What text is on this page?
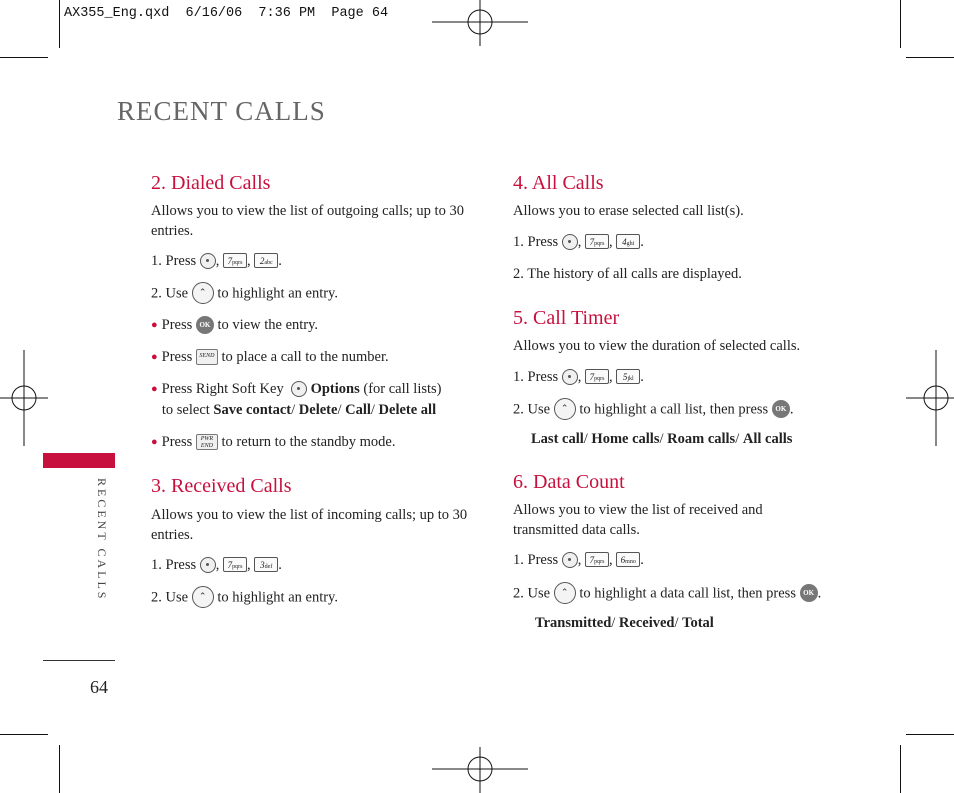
AX355_Eng.qxd  6/16/06  7:36 PM  Page 64
RECENT CALLS
RECENT CALLS
64
2. Dialed Calls
Allows you to view the list of outgoing calls; up to 30
entries.
1. Press , 7pqrs , 2abc .
2. Use ⌃ to highlight an entry.
● Press OK to view the entry.
● Press SEND to place a call to the number.
● Press Right Soft Key Options (for call lists)
to select Save contact/ Delete/ Call/ Delete all
● Press PWR
END to return to the standby mode.
3. Received Calls
Allows you to view the list of incoming calls; up to 30
entries.
1. Press , 7pqrs , 3def .
2. Use ⌃ to highlight an entry.
4. All Calls
Allows you to erase selected call list(s).
1. Press , 7pqrs , 4ghi .
2. The history of all calls are displayed.
5. Call Timer
Allows you to view the duration of selected calls.
1. Press , 7pqrs , 5jkl .
2. Use ⌃ to highlight a call list, then press OK .
Last call/ Home calls/ Roam calls/ All calls
6. Data Count
Allows you to view the list of received and
transmitted data calls.
1. Press , 7pqrs , 6mno .
2. Use ⌃ to highlight a data call list, then press OK .
Transmitted/ Received/ Total
